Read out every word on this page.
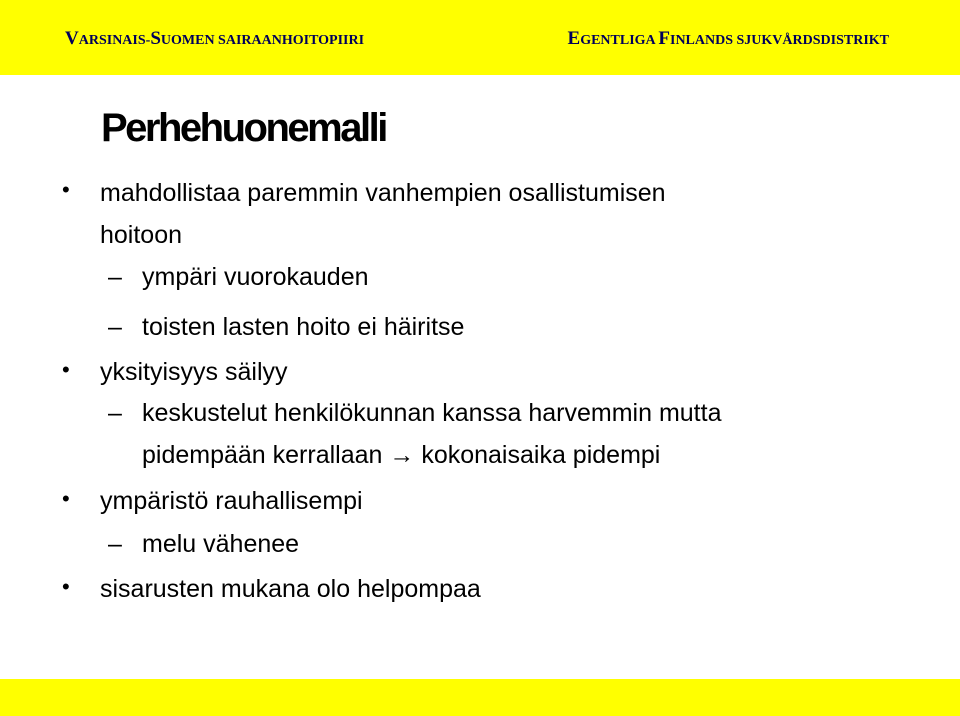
VARSINAIS-SUOMEN SAIRAANHOITOPIIRI	EGENTLIGA FINLANDS SJUKVÅRDSDISTRIKT
Perhehuonemalli
• mahdollistaa paremmin vanhempien osallistumisen
hoitoon
– ympäri vuorokauden
– toisten lasten hoito ei häiritse
• yksityisyys säilyy
– keskustelut henkilökunnan kanssa harvemmin mutta
pidempään kerrallaan → kokonaisaika pidempi
• ympäristö rauhallisempi
– melu vähenee
• sisarusten mukana olo helpompaa
